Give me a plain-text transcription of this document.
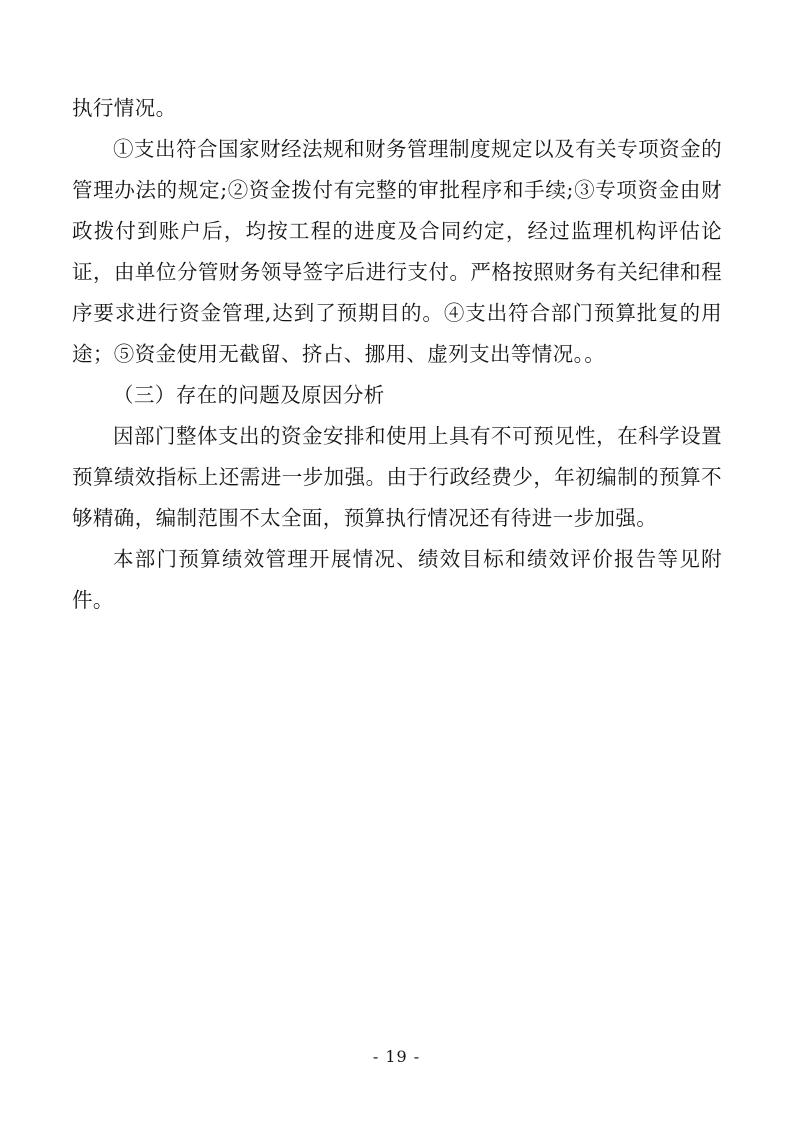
执行情况。

①支出符合国家财经法规和财务管理制度规定以及有关专项资金的管理办法的规定;②资金拨付有完整的审批程序和手续;③专项资金由财政拨付到账户后，均按工程的进度及合同约定，经过监理机构评估论证，由单位分管财务领导签字后进行支付。严格按照财务有关纪律和程序要求进行资金管理,达到了预期目的。④支出符合部门预算批复的用途；⑤资金使用无截留、挤占、挪用、虚列支出等情况。。

（三）存在的问题及原因分析

因部门整体支出的资金安排和使用上具有不可预见性，在科学设置预算绩效指标上还需进一步加强。由于行政经费少，年初编制的预算不够精确，编制范围不太全面，预算执行情况还有待进一步加强。

本部门预算绩效管理开展情况、绩效目标和绩效评价报告等见附件。

- 19 -
